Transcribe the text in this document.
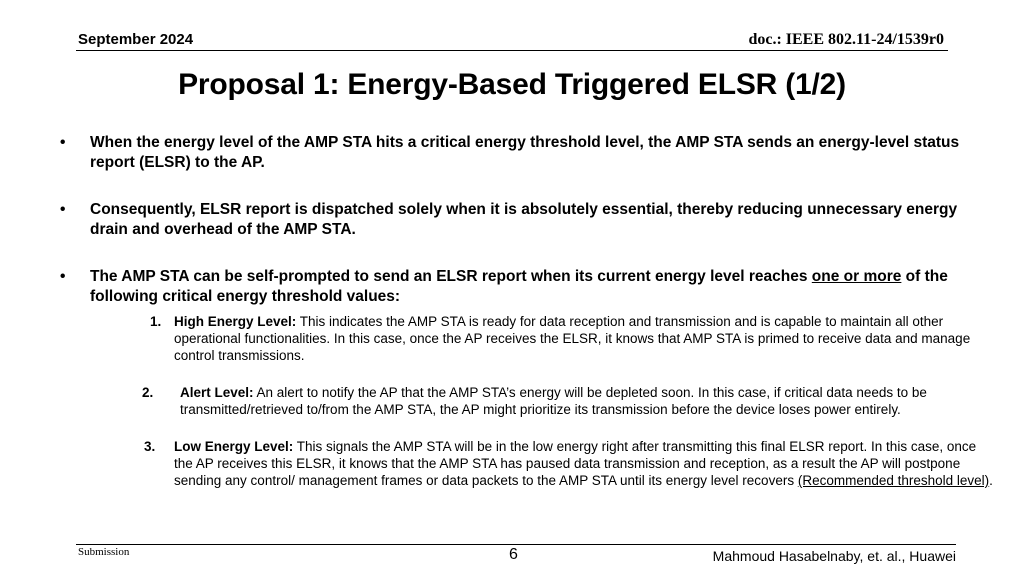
September 2024	doc.: IEEE 802.11-24/1539r0
Proposal 1: Energy-Based Triggered ELSR (1/2)
• When the energy level of the AMP STA hits a critical energy threshold level, the AMP STA sends an energy-level status report (ELSR) to the AP.
• Consequently, ELSR report is dispatched solely when it is absolutely essential, thereby reducing unnecessary energy drain and overhead of the AMP STA.
• The AMP STA can be self-prompted to send an ELSR report when its current energy level reaches one or more of the following critical energy threshold values:
1. High Energy Level: This indicates the AMP STA is ready for data reception and transmission and is capable to maintain all other operational functionalities. In this case, once the AP receives the ELSR, it knows that AMP STA is primed to receive data and manage control transmissions.
2. Alert Level: An alert to notify the AP that the AMP STA’s energy will be depleted soon. In this case, if critical data needs to be transmitted/retrieved to/from the AMP STA, the AP might prioritize its transmission before the device loses power entirely.
3. Low Energy Level: This signals the AMP STA will be in the low energy right after transmitting this final ELSR report. In this case, once the AP receives this ELSR, it knows that the AMP STA has paused data transmission and reception, as a result the AP will postpone sending any control/ management frames or data packets to the AMP STA until its energy level recovers (Recommended threshold level).
Submission	6	Mahmoud Hasabelnaby, et. al., Huawei
